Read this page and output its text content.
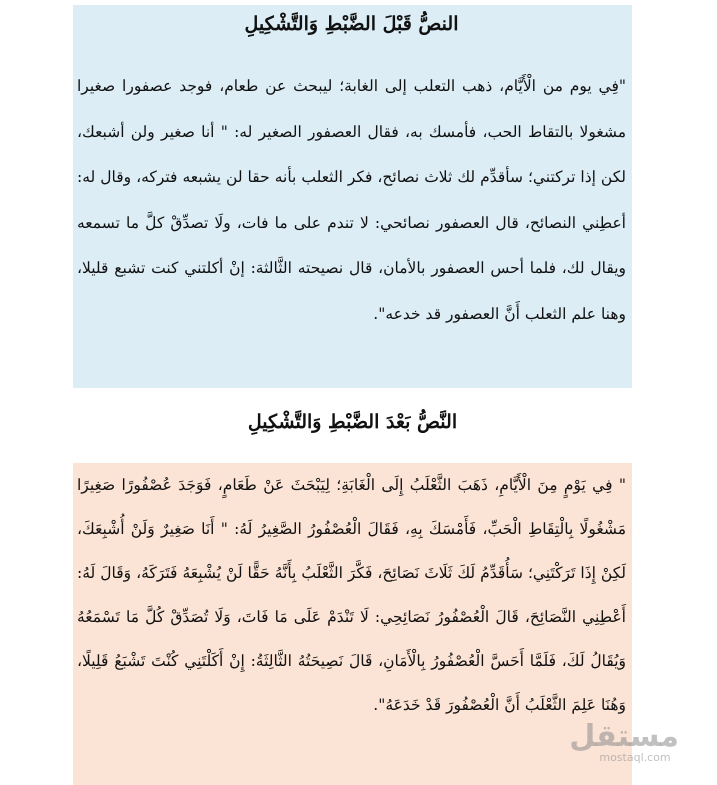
النصُّ قَبْلَ الضَّبْطِ وَالتَّشْكِيلِ

"فِي يوم من الْأَيَّام، ذهب التعلب إلى الغابة؛ ليبحث عن طعام، فوجد عصفورا صغيرا مشغولا بالتقاط الحب، فأمسك به، فقال العصفور الصغير له: " أنا صغير ولن أشبعك، لكن إذا تركتني؛ سأقدِّم لك ثلاث نصائح، فكر الثعلب بأنه حقا لن يشبعه فتركه، وقال له: أعطِني النصائح، قال العصفور نصائحي: لا تندم على ما فات، ولَا تصدِّقْ كلَّ ما تسمعه ويقال لك، فلما أحس العصفور بالأمان، قال نصيحته الثَّالثة: إنْ أكلتني كنت تشبع قليلا، وهنا علم الثعلب أَنَّ العصفور قد خدعه".

النَّصُّ بَعْدَ الضَّبْطِ وَالتَّشْكِيلِ

" فِي يَوْمٍ مِنَ الْأَيَّامِ، ذَهَبَ الثَّعْلَبُ إِلَى الْغَابَةِ؛ لِيَبْحَثَ عَنْ طَعَامٍ، فَوَجَدَ عُصْفُورًا صَغِيرًا مَشْغُولًا بِالْتِقَاطِ الْحَبِّ، فَأَمْسَكَ بِهِ، فَقَالَ الْعُصْفُورُ الصَّغِيرُ لَهُ: " أَنَا صَغِيرٌ وَلَنْ أُشْبِعَكَ، لَكِنْ إِذَا تَرَكْتَنِي؛ سَأُقَدِّمُ لَكَ ثَلَاثَ نَصَائِحَ، فَكَّرَ الثَّعْلَبُ بِأَنَّهُ حَقًّا لَنْ يُشْبِعَهُ فَتَرَكَهُ، وَقَالَ لَهُ: أَعْطِنِي النَّصَائِحَ، قَالَ الْعُصْفُورُ نَصَائِحِي: لَا تَنْدَمْ عَلَى مَا فَاتَ، وَلَا تُصَدِّقْ كُلَّ مَا تَسْمَعُهُ وَيُقَالُ لَكَ، فَلَمَّا أَحَسَّ الْعُصْفُورُ بِالْأَمَانِ، قَالَ نَصِيحَتُهُ الثَّالِثَةُ: إِنْ أَكَلْتَنِي كُنْتَ تَشْبَعُ قَلِيلًا، وَهُنَا عَلِمَ الثَّعْلَبُ أَنَّ الْعُصْفُورَ قَدْ خَدَعَهُ".

مستقل
mostaql.com
